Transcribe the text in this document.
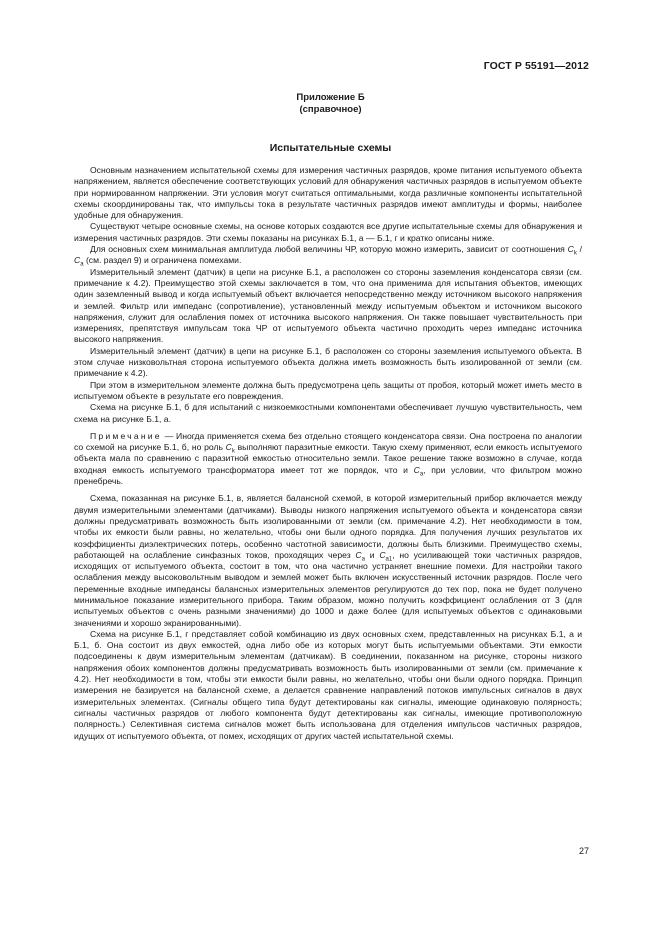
ГОСТ Р 55191—2012
Приложение Б
(справочное)
Испытательные схемы

Основным назначением испытательной схемы для измерения частичных разрядов, кроме питания испытуемого объекта напряжением, является обеспечение соответствующих условий для обнаружения частичных разрядов в испытуемом объекте при нормированном напряжении. Эти условия могут считаться оптимальными, когда различные компоненты испытательной схемы скоординированы так, что импульсы тока в результате частичных разрядов имеют амплитуды и формы, наиболее удобные для обнаружения.

Существуют четыре основные схемы, на основе которых создаются все другие испытательные схемы для обнаружения и измерения частичных разрядов. Эти схемы показаны на рисунках Б.1, а — Б.1, г и кратко описаны ниже.

Для основных схем минимальная амплитуда любой величины ЧР, которую можно измерить, зависит от соотношения $C_k / C_a$ (см. раздел 9) и ограничена помехами.

Измерительный элемент (датчик) в цепи на рисунке Б.1, а расположен со стороны заземления конденсатора связи (см. примечание к 4.2). Преимущество этой схемы заключается в том, что она применима для испытания объектов, имеющих один заземленный вывод и когда испытуемый объект включается непосредственно между источником высокого напряжения и землей. Фильтр или импеданс (сопротивление), установленный между испытуемым объектом и источником высокого напряжения, служит для ослабления помех от источника высокого напряжения. Он также повышает чувствительность при измерениях, препятствуя импульсам тока ЧР от испытуемого объекта частично проходить через импеданс источника высокого напряжения.

Измерительный элемент (датчик) в цепи на рисунке Б.1, б расположен со стороны заземления испытуемого объекта. В этом случае низковольтная сторона испытуемого объекта должна иметь возможность быть изолированной от земли (см. примечание к 4.2).

При этом в измерительном элементе должна быть предусмотрена цепь защиты от пробоя, который может иметь место в испытуемом объекте в результате его повреждения.

Схема на рисунке Б.1, б для испытаний с низкоемкостными компонентами обеспечивает лучшую чувствительность, чем схема на рисунке Б.1, а.

Примечание — Иногда применяется схема без отдельно стоящего конденсатора связи. Она построена по аналогии со схемой на рисунке Б.1, б, но роль $C_k$ выполняют паразитные емкости. Такую схему применяют, если емкость испытуемого объекта мала по сравнению с паразитной емкостью относительно земли. Такое решение также возможно в случае, когда входная емкость испытуемого трансформатора имеет тот же порядок, что и $C_a$, при условии, что фильтром можно пренебречь.

Схема, показанная на рисунке Б.1, в, является балансной схемой, в которой измерительный прибор включается между двумя измерительными элементами (датчиками). Выводы низкого напряжения испытуемого объекта и конденсатора связи должны предусматривать возможность быть изолированными от земли (см. примечание 4.2). Нет необходимости в том, чтобы их емкости были равны, но желательно, чтобы они были одного порядка. Для получения лучших результатов их коэффициенты диэлектрических потерь, особенно частотной зависимости, должны быть близкими. Преимущество схемы, работающей на ослабление синфазных токов, проходящих через $C_a$ и $C_{a1}$, но усиливающей токи частичных разрядов, исходящих от испытуемого объекта, состоит в том, что она частично устраняет внешние помехи. Для настройки такого ослабления между высоковольтным выводом и землей может быть включен искусственный источник разрядов. После чего переменные входные импедансы балансных измерительных элементов регулируются до тех пор, пока не будет получено минимальное показание измерительного прибора. Таким образом, можно получить коэффициент ослабления от 3 (для испытуемых объектов с очень разными значениями) до 1000 и даже более (для испытуемых объектов с одинаковыми значениями и хорошо экранированными).

Схема на рисунке Б.1, г представляет собой комбинацию из двух основных схем, представленных на рисунках Б.1, а и Б.1, б. Она состоит из двух емкостей, одна либо обе из которых могут быть испытуемыми объектами. Эти емкости подсоединены к двум измерительным элементам (датчикам). В соединении, показанном на рисунке, стороны низкого напряжения обоих компонентов должны предусматривать возможность быть изолированными от земли (см. примечание к 4.2). Нет необходимости в том, чтобы эти емкости были равны, но желательно, чтобы они были одного порядка. Принцип измерения не базируется на балансной схеме, а делается сравнение направлений потоков импульсных сигналов в двух измерительных элементах. (Сигналы общего типа будут детектированы как сигналы, имеющие одинаковую полярность; сигналы частичных разрядов от любого компонента будут детектированы как сигналы, имеющие противоположную полярность.) Селективная система сигналов может быть использована для отделения импульсов частичных разрядов, идущих от испытуемого объекта, от помех, исходящих от других частей испытательной схемы.

27
